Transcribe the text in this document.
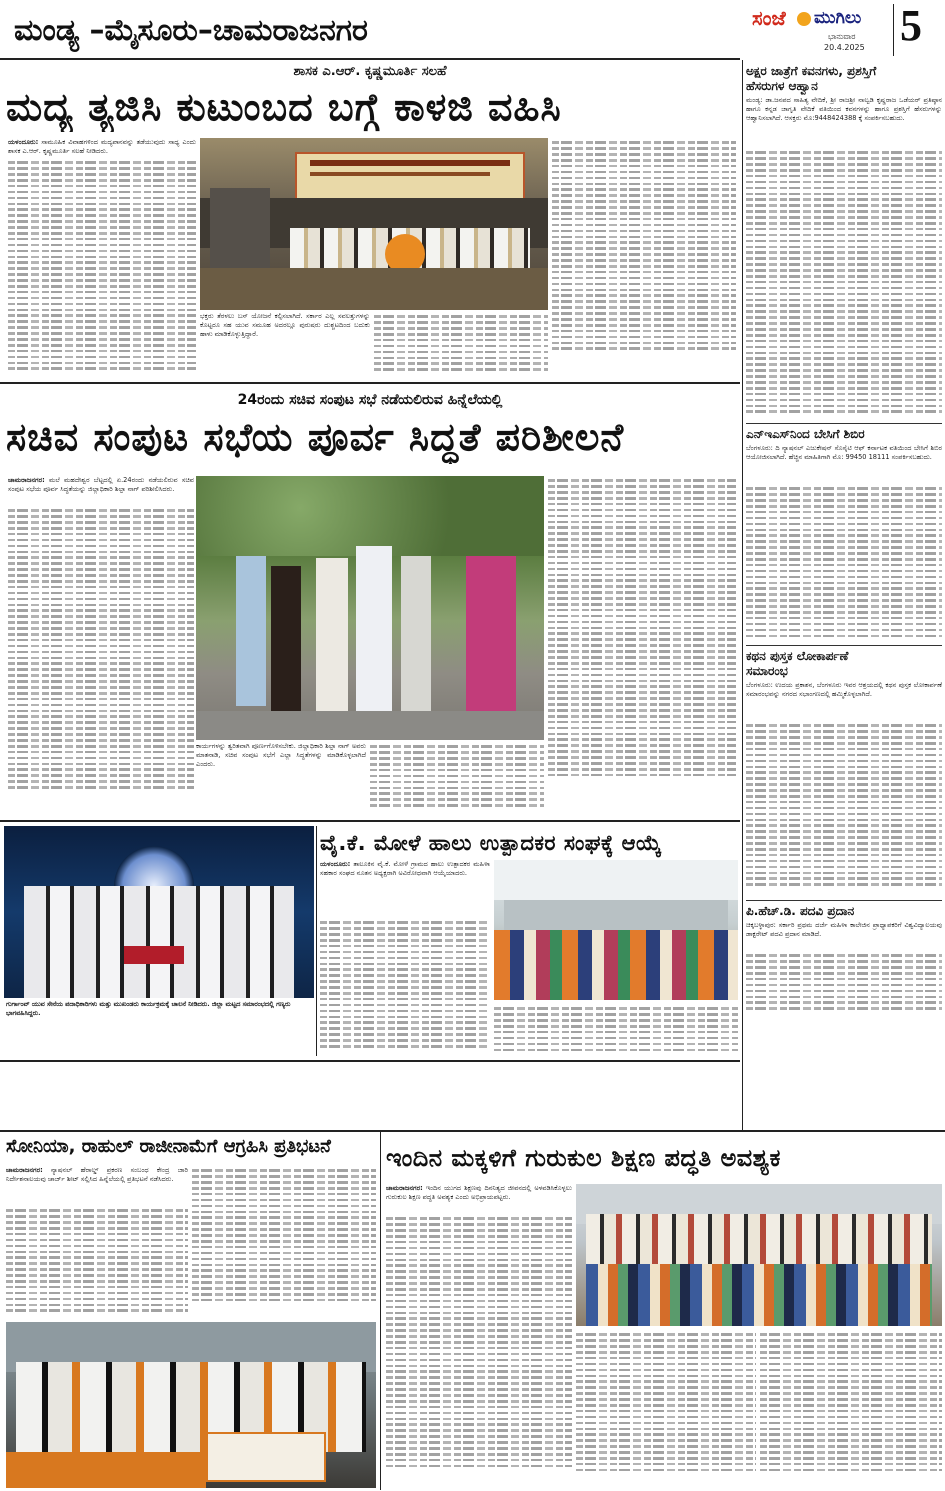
ಮಂಡ್ಯ –ಮೈಸೂರು–ಚಾಮರಾಜನಗರ	ಸಂಜೆ ಮುಗಿಲು
ಭಾನುವಾರ
20.4.2025 5
ಶಾಸಕ ಎ.ಆರ್. ಕೃಷ್ಣಮೂರ್ತಿ ಸಲಹೆ
ಮದ್ಯ ತ್ಯಜಿಸಿ ಕುಟುಂಬದ ಬಗ್ಗೆ ಕಾಳಜಿ ವಹಿಸಿ
ಯಳಂದೂರು: ಸಾಮೂಹಿಕ ವಿವಾಹಗಳಿಂದ ಮದ್ಯಪಾನವನ್ನು ತಡೆಯುವುದು ಸಾಧ್ಯ ಎಂದು ಶಾಸಕ ಎ.ಆರ್. ಕೃಷ್ಣಮೂರ್ತಿ ಸಲಹೆ ನೀಡಿದರು.
ಭಕ್ತರು ತೆರಳಲು ಬಸ್ ಯೋಜನೆ ಕಲ್ಪಿಸಲಾಗಿದೆ. ಸರ್ಕಾರ ಎಲ್ಲ ಸವಲತ್ತುಗಳನ್ನು ಕೊಟ್ಟರೂ ಸಹ ಯುವ ಸಮೂಹ ಅದರಲ್ಲೂ ಪುರುಷರು ದುಶ್ಚಟದಿಂದ ಬದುಕು ಹಾಳು ಮಾಡಿಕೊಳ್ಳುತ್ತಿದ್ದಾರೆ.
24ರಂದು ಸಚಿವ ಸಂಪುಟ ಸಭೆ ನಡೆಯಲಿರುವ ಹಿನ್ನೆಲೆಯಲ್ಲಿ
ಸಚಿವ ಸಂಪುಟ ಸಭೆಯ ಪೂರ್ವ ಸಿದ್ಧತೆ ಪರಿಶೀಲನೆ
ಚಾಮರಾಜನಗರ: ಮಲೆ ಮಹದೇಶ್ವರ ಬೆಟ್ಟದಲ್ಲಿ ಏ.24ರಂದು ನಡೆಯಲಿರುವ ಸಚಿವ ಸಂಪುಟ ಸಭೆಯ ಪೂರ್ವ ಸಿದ್ಧತೆಯನ್ನು ಜಿಲ್ಲಾಧಿಕಾರಿ ಶಿಲ್ಪಾ ನಾಗ್ ಪರಿಶೀಲಿಸಿದರು.
ಕಾರ್ಯಗಳನ್ನು ತ್ವರಿತವಾಗಿ ಪೂರ್ಣಗೊಳಿಸಬೇಕು. ಜಿಲ್ಲಾಧಿಕಾರಿ ಶಿಲ್ಪಾ ನಾಗ್ ಅವರು ಮಾತನಾಡಿ, ಸಚಿವ ಸಂಪುಟ ಸಭೆಗೆ ಎಲ್ಲಾ ಸಿದ್ಧತೆಗಳನ್ನು ಮಾಡಿಕೊಳ್ಳಲಾಗಿದೆ ಎಂದರು.
ಗುರ್ಗಾಂವ್ ಯುವ ಸೇನೆಯ ಪದಾಧಿಕಾರಿಗಳು ಮತ್ತು ಮುಖಂಡರು ಕಾರ್ಯಕ್ರಮಕ್ಕೆ ಚಾಲನೆ ನೀಡಿದರು. ಜಿಲ್ಲಾ ಮಟ್ಟದ ಸಮಾರಂಭದಲ್ಲಿ ಗಣ್ಯರು ಭಾಗವಹಿಸಿದ್ದರು.
ವೈ.ಕೆ. ಮೋಳೆ ಹಾಲು ಉತ್ಪಾದಕರ ಸಂಘಕ್ಕೆ ಆಯ್ಕೆ
ಯಳಂದೂರು: ತಾಲೂಕಿನ ವೈ.ಕೆ. ಮೋಳೆ ಗ್ರಾಮದ ಹಾಲು ಉತ್ಪಾದಕರ ಮಹಿಳಾ ಸಹಕಾರ ಸಂಘದ ನೂತನ ಅಧ್ಯಕ್ಷರಾಗಿ ಅವಿರೋಧವಾಗಿ ಆಯ್ಕೆಯಾದರು.
ಅಕ್ಷರ ಜಾತ್ರೆಗೆ ಕವನಗಳು, ಪ್ರಶಸ್ತಿಗೆ
ಹೆಸರುಗಳ ಆಹ್ವಾನ
ಮಂಡ್ಯ: ಡಾ.ಜನಪದ ಸಾಹಿತ್ಯ ವೇದಿಕೆ, ಶ್ರೀ ರಾಜಶ್ರೀ ನಾಲ್ವಡಿ ಕೃಷ್ಣರಾಜ ಒಡೆಯರ್ ಪ್ರತಿಷ್ಠಾನ ಹಾಗೂ ಕನ್ನಡ ಜಾಗೃತಿ ವೇದಿಕೆ ವತಿಯಿಂದ ಕವನಗಳನ್ನು ಹಾಗೂ ಪ್ರಶಸ್ತಿಗೆ ಹೆಸರುಗಳನ್ನು ಆಹ್ವಾನಿಸಲಾಗಿದೆ. ಆಸಕ್ತರು ಮೊ:9448424388 ಕ್ಕೆ ಸಂಪರ್ಕಿಸಬಹುದು.
ಎನ್‌ಇಎಸ್‌ನಿಂದ ಬೇಸಿಗೆ ಶಿಬಿರ
ಬೆಂಗಳೂರು: ದಿ ನ್ಯಾಷನಲ್ ಎಜುಕೇಷನ್ ಸೊಸೈಟಿ ಆಫ್ ಕರ್ನಾಟಕ ವತಿಯಿಂದ ಬೇಸಿಗೆ ಶಿಬಿರ ಆಯೋಜಿಸಲಾಗಿದೆ. ಹೆಚ್ಚಿನ ಮಾಹಿತಿಗಾಗಿ ಮೊ: 99450 18111 ಸಂಪರ್ಕಿಸಬಹುದು.
ಕಥನ ಪುಸ್ತಕ ಲೋಕಾರ್ಪಣೆ
ಸಮಾರಂಭ
ಬೆಂಗಳೂರು: ಉದಯ ಪ್ರಕಾಶನ, ಬೆಂಗಳೂರು ಇವರ ಆಶ್ರಯದಲ್ಲಿ ಕಥನ ಪುಸ್ತಕ ಲೋಕಾರ್ಪಣೆ ಸಮಾರಂಭವನ್ನು ನಗರದ ಸಭಾಂಗಣದಲ್ಲಿ ಹಮ್ಮಿಕೊಳ್ಳಲಾಗಿದೆ.
ಪಿ.ಹೆಚ್.ಡಿ. ಪದವಿ ಪ್ರದಾನ
ಚಿಕ್ಕಬಳ್ಳಾಪುರ: ಸರ್ಕಾರಿ ಪ್ರಥಮ ದರ್ಜೆ ಮಹಿಳಾ ಕಾಲೇಜಿನ ಪ್ರಾಧ್ಯಾಪಕರಿಗೆ ವಿಶ್ವವಿದ್ಯಾಲಯವು ಡಾಕ್ಟರೇಟ್ ಪದವಿ ಪ್ರದಾನ ಮಾಡಿದೆ.
ಸೋನಿಯಾ, ರಾಹುಲ್ ರಾಜೀನಾಮೆಗೆ ಆಗ್ರಹಿಸಿ ಪ್ರತಿಭಟನೆ
ಚಾಮರಾಜನಗರ: ನ್ಯಾಷನಲ್ ಹೆರಾಲ್ಡ್ ಪ್ರಕರಣ ಸಂಬಂಧ ಕೇಂದ್ರ ಜಾರಿ ನಿರ್ದೇಶನಾಲಯವು ಚಾರ್ಜ್ ಶೀಟ್ ಸಲ್ಲಿಸಿದ ಹಿನ್ನೆಲೆಯಲ್ಲಿ ಪ್ರತಿಭಟನೆ ನಡೆಸಿದರು.
ಇಂದಿನ ಮಕ್ಕಳಿಗೆ ಗುರುಕುಲ ಶಿಕ್ಷಣ ಪದ್ಧತಿ ಅವಶ್ಯಕ
ಚಾಮರಾಜನಗರ: ಇಂದಿನ ಯುಗದ ಶಿಕ್ಷಣವು ದಿನನಿತ್ಯದ ಜೀವನದಲ್ಲಿ ಅಳವಡಿಸಿಕೊಳ್ಳಲು ಗುರುಕುಲ ಶಿಕ್ಷಣ ಪದ್ಧತಿ ಅವಶ್ಯಕ ಎಂದು ಅಭಿಪ್ರಾಯಪಟ್ಟರು.
